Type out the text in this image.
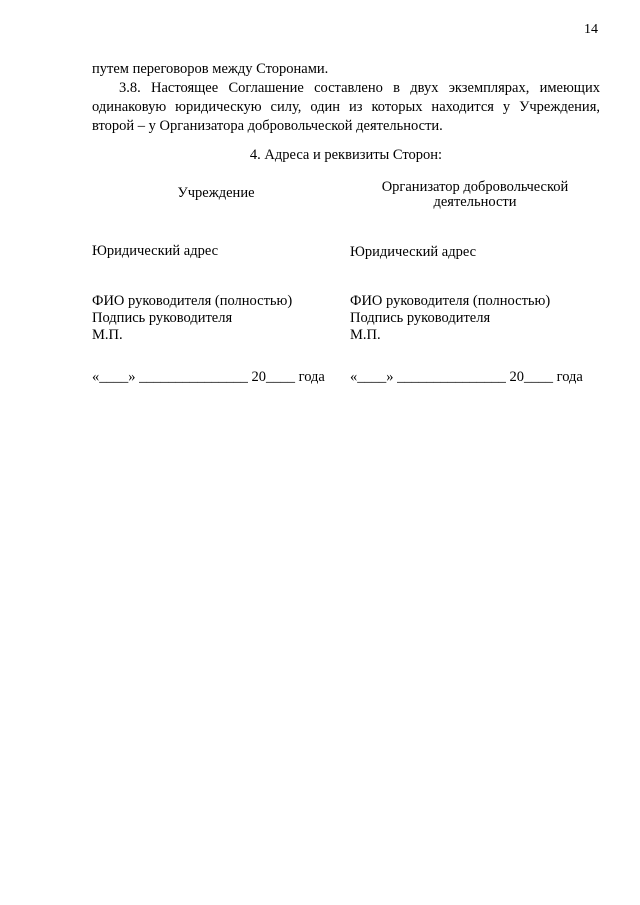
14
путем переговоров между Сторонами.
3.8. Настоящее Соглашение составлено в двух экземплярах, имеющих одинаковую юридическую силу, один из которых находится у Учреждения, второй – у Организатора добровольческой деятельности.
4. Адреса и реквизиты Сторон:
Учреждение
Юридический адрес
ФИО руководителя (полностью)
Подпись руководителя
М.П.
«____» _______________ 20____ года
Организатор добровольческой
деятельности
Юридический адрес
ФИО руководителя (полностью)
Подпись руководителя
М.П.
«____» _______________ 20____ года
